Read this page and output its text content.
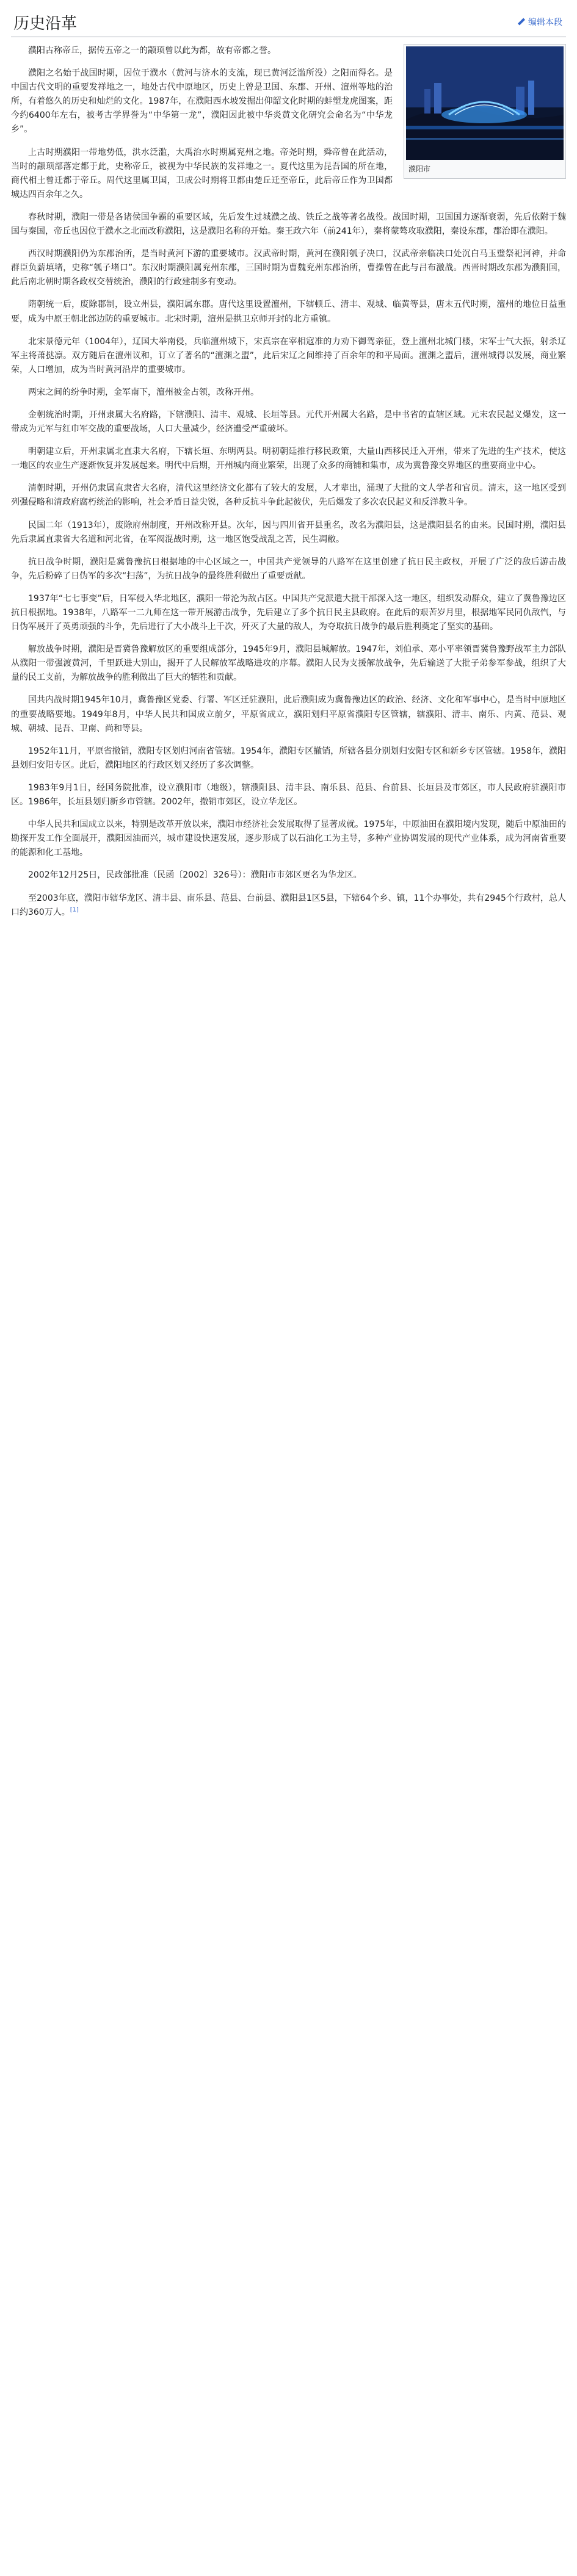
历史沿革	编辑本段
濮阳市

濮阳古称帝丘，据传五帝之一的颛顼曾以此为都，故有帝都之誉。

濮阳之名始于战国时期，因位于濮水（黄河与济水的支流，现已黄河泛滥所没）之阳而得名。是中国古代文明的重要发祥地之一，地处古代中原地区，历史上曾是卫国、东郡、开州、澶州等地的治所，有着悠久的历史和灿烂的文化。1987年，在濮阳西水坡发掘出仰韶文化时期的蚌塑龙虎图案，距今约6400年左右，被考古学界誉为“中华第一龙”，濮阳因此被中华炎黄文化研究会命名为“中华龙乡”。

上古时期濮阳一带地势低，洪水泛滥，大禹治水时期属兖州之地。帝尧时期，舜帝曾在此活动，当时的颛顼部落定都于此，史称帝丘，被视为中华民族的发祥地之一。夏代这里为昆吾国的所在地，商代相土曾迁都于帝丘。周代这里属卫国，卫成公时期将卫都由楚丘迁至帝丘，此后帝丘作为卫国都城达四百余年之久。

春秋时期，濮阳一带是各诸侯国争霸的重要区域，先后发生过城濮之战、铁丘之战等著名战役。战国时期，卫国国力逐渐衰弱，先后依附于魏国与秦国，帝丘也因位于濮水之北而改称濮阳，这是濮阳名称的开始。秦王政六年（前241年），秦将蒙骜攻取濮阳，秦设东郡，郡治即在濮阳。

西汉时期濮阳仍为东郡治所，是当时黄河下游的重要城市。汉武帝时期，黄河在濮阳瓠子决口，汉武帝亲临决口处沉白马玉璧祭祀河神，并命群臣负薪填堵，史称“瓠子堵口”。东汉时期濮阳属兖州东郡，三国时期为曹魏兖州东郡治所，曹操曾在此与吕布激战。西晋时期改东郡为濮阳国，此后南北朝时期各政权交替统治，濮阳的行政建制多有变动。

隋朝统一后，废除郡制，设立州县，濮阳属东郡。唐代这里设置澶州，下辖顿丘、清丰、观城、临黄等县，唐末五代时期，澶州的地位日益重要，成为中原王朝北部边防的重要城市。北宋时期，澶州是拱卫京师开封的北方重镇。

北宋景德元年（1004年），辽国大举南侵，兵临澶州城下，宋真宗在宰相寇准的力劝下御驾亲征，登上澶州北城门楼，宋军士气大振，射杀辽军主将萧挞凛。双方随后在澶州议和，订立了著名的“澶渊之盟”，此后宋辽之间维持了百余年的和平局面。澶渊之盟后，澶州城得以发展，商业繁荣，人口增加，成为当时黄河沿岸的重要城市。

两宋之间的纷争时期，金军南下，澶州被金占领，改称开州。

金朝统治时期，开州隶属大名府路，下辖濮阳、清丰、观城、长垣等县。元代开州属大名路，是中书省的直辖区域。元末农民起义爆发，这一带成为元军与红巾军交战的重要战场，人口大量减少，经济遭受严重破坏。

明朝建立后，开州隶属北直隶大名府，下辖长垣、东明两县。明初朝廷推行移民政策，大量山西移民迁入开州，带来了先进的生产技术，使这一地区的农业生产逐渐恢复并发展起来。明代中后期，开州城内商业繁荣，出现了众多的商铺和集市，成为冀鲁豫交界地区的重要商业中心。

清朝时期，开州仍隶属直隶省大名府，清代这里经济文化都有了较大的发展，人才辈出，涌现了大批的文人学者和官员。清末，这一地区受到列强侵略和清政府腐朽统治的影响，社会矛盾日益尖锐，各种反抗斗争此起彼伏，先后爆发了多次农民起义和反洋教斗争。

民国二年（1913年），废除府州制度，开州改称开县。次年，因与四川省开县重名，改名为濮阳县，这是濮阳县名的由来。民国时期，濮阳县先后隶属直隶省大名道和河北省，在军阀混战时期，这一地区饱受战乱之苦，民生凋敝。

抗日战争时期，濮阳是冀鲁豫抗日根据地的中心区域之一，中国共产党领导的八路军在这里创建了抗日民主政权，开展了广泛的敌后游击战争，先后粉碎了日伪军的多次“扫荡”，为抗日战争的最终胜利做出了重要贡献。

1937年“七七事变”后，日军侵入华北地区，濮阳一带沦为敌占区。中国共产党派遣大批干部深入这一地区，组织发动群众，建立了冀鲁豫边区抗日根据地。1938年，八路军一二九师在这一带开展游击战争，先后建立了多个抗日民主县政府。在此后的艰苦岁月里，根据地军民同仇敌忾，与日伪军展开了英勇顽强的斗争，先后进行了大小战斗上千次，歼灭了大量的敌人，为夺取抗日战争的最后胜利奠定了坚实的基础。

解放战争时期，濮阳是晋冀鲁豫解放区的重要组成部分，1945年9月，濮阳县城解放。1947年，刘伯承、邓小平率领晋冀鲁豫野战军主力部队从濮阳一带强渡黄河，千里跃进大别山，揭开了人民解放军战略进攻的序幕。濮阳人民为支援解放战争，先后输送了大批子弟参军参战，组织了大量的民工支前，为解放战争的胜利做出了巨大的牺牲和贡献。

国共内战时期1945年10月，冀鲁豫区党委、行署、军区迁驻濮阳，此后濮阳成为冀鲁豫边区的政治、经济、文化和军事中心，是当时中原地区的重要战略要地。1949年8月，中华人民共和国成立前夕，平原省成立，濮阳划归平原省濮阳专区管辖，辖濮阳、清丰、南乐、内黄、范县、观城、朝城、昆吾、卫南、尚和等县。

1952年11月，平原省撤销，濮阳专区划归河南省管辖。1954年，濮阳专区撤销，所辖各县分别划归安阳专区和新乡专区管辖。1958年，濮阳县划归安阳专区。此后，濮阳地区的行政区划又经历了多次调整。

1983年9月1日，经国务院批准，设立濮阳市（地级），辖濮阳县、清丰县、南乐县、范县、台前县、长垣县及市郊区，市人民政府驻濮阳市区。1986年，长垣县划归新乡市管辖。2002年，撤销市郊区，设立华龙区。

中华人民共和国成立以来，特别是改革开放以来，濮阳市经济社会发展取得了显著成就。1975年，中原油田在濮阳境内发现，随后中原油田的勘探开发工作全面展开，濮阳因油而兴，城市建设快速发展，逐步形成了以石油化工为主导，多种产业协调发展的现代产业体系，成为河南省重要的能源和化工基地。

2002年12月25日，民政部批准（民函〔2002〕326号）：濮阳市市郊区更名为华龙区。

至2003年底，濮阳市辖华龙区、清丰县、南乐县、范县、台前县、濮阳县1区5县，下辖64个乡、镇，11个办事处，共有2945个行政村，总人口约360万人。[1]
